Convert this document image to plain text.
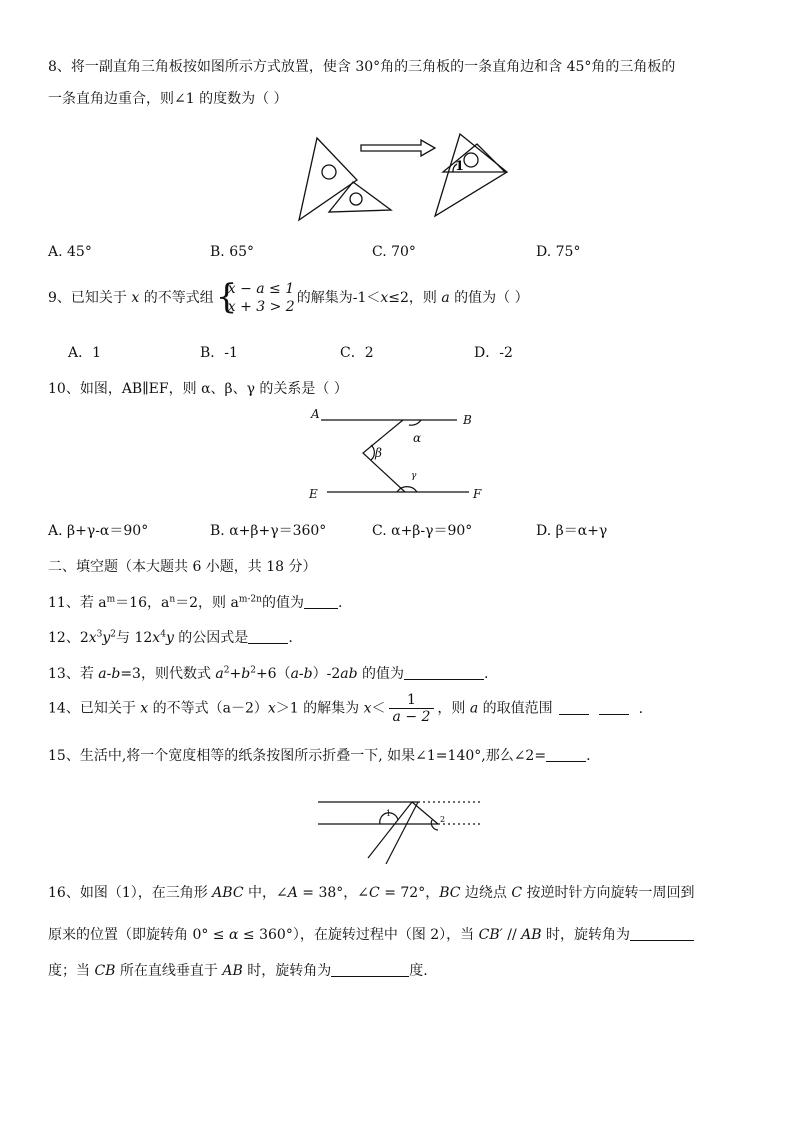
8、将一副直角三角板按如图所示方式放置，使含 30°角的三角板的一条直角边和含 45°角的三角板的
一条直角边重合，则∠1 的度数为（ ）
1
A. 45°	B. 65°	C. 70°	D. 75°
9、已知关于 x 的不等式组 {
x − a ≤ 1
x + 3 > 2
的解集为-1＜x≤2，则 a 的值为（ ）
A．1	B．-1	C．2	D．-2
10、如图，AB∥EF，则 α、β、γ 的关系是（ ）
A	B
E	F
α
β
γ
A. β+γ-α＝90°	B. α+β+γ＝360°	C. α+β-γ＝90°	D. β＝α+γ
二、填空题（本大题共 6 小题，共 18 分）
11、若 $a^m=16$，$a^n=2$，则 $a^{m-2n}$的值为 .
12、$2x^3y^2$与 $12x^4y$ 的公因式是	.
13、若 a-b=3，则代数式 $a^2+b^2+6(a-b)-2ab$ 的值为	.
14、已知关于 x 的不等式（a－2）x＞1 的解集为 $x< \frac{1}{a - 2}$ ，则 a 的取值范围	.
15、生活中,将一个宽度相等的纸条按图所示折叠一下, 如果∠1=140°,那么∠2=	.
1
2
16、如图（1），在三角形 ABC 中，∠A = 38°，∠C = 72°，BC 边绕点 C 按逆时针方向旋转一周回到
原来的位置（即旋转角 0° ≤ α ≤ 360°），在旋转过程中（图 2），当 CB′ // AB 时，旋转角为
度；当 CB 所在直线垂直于 AB 时，旋转角为	度.
